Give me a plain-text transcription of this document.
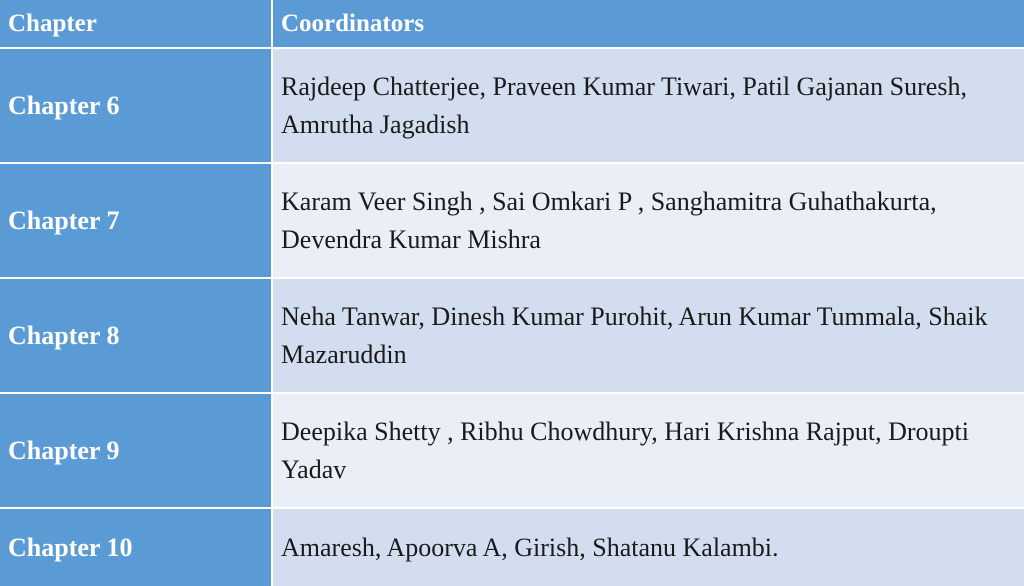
Chapter	Coordinators
Chapter 6
Rajdeep Chatterjee, Praveen Kumar Tiwari, Patil Gajanan Suresh, Amrutha Jagadish
Chapter 7
Karam Veer Singh , Sai Omkari P , Sanghamitra Guhathakurta, Devendra Kumar Mishra
Chapter 8
Neha Tanwar, Dinesh Kumar Purohit, Arun Kumar Tummala, Shaik Mazaruddin
Chapter 9
Deepika Shetty , Ribhu Chowdhury, Hari Krishna Rajput, Droupti Yadav
Chapter 10	Amaresh, Apoorva A, Girish, Shatanu Kalambi.
